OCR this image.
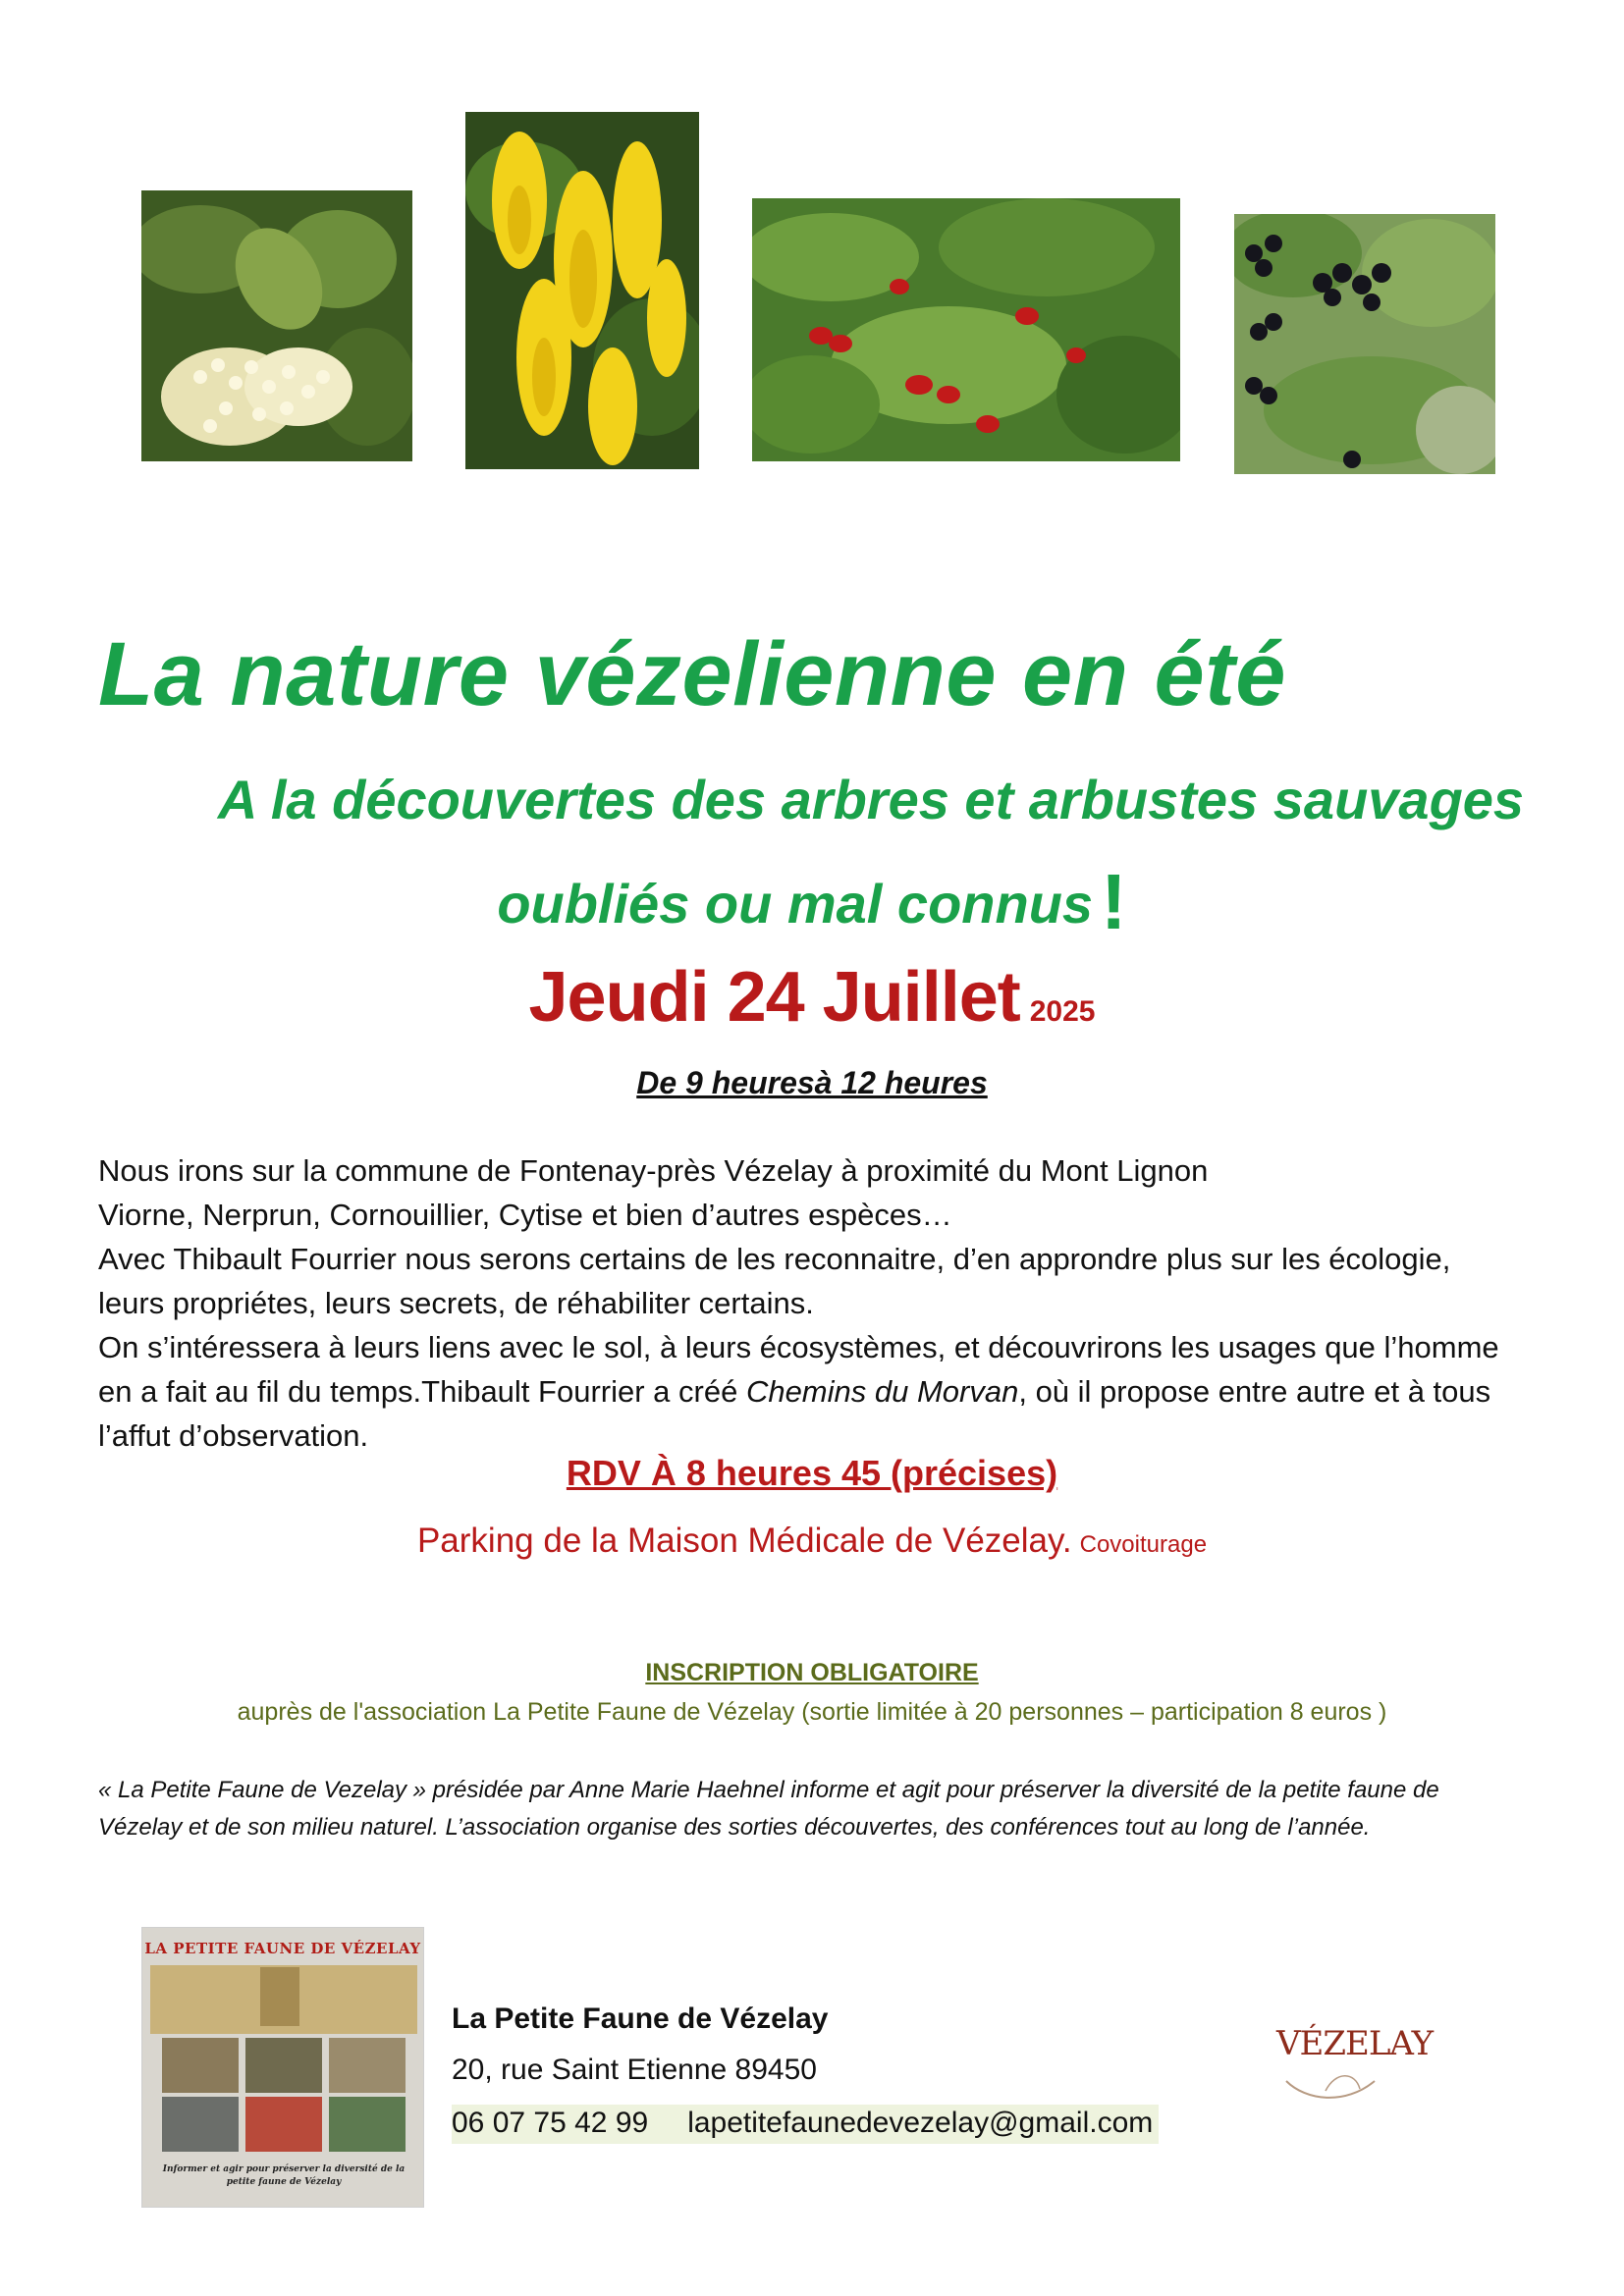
La nature vézelienne en été
A la découvertes des arbres et arbustes sauvages
oubliés ou mal connus !
Jeudi 24 Juillet 2025
De 9 heuresà 12 heures

Nous irons sur la commune de Fontenay-près Vézelay à proximité du Mont Lignon

Viorne, Nerprun, Cornouillier, Cytise et bien d’autres espèces…

Avec Thibault Fourrier nous serons certains de les reconnaitre, d’en approndre plus sur les écologie,

leurs propriétes, leurs secrets, de réhabiliter certains.

On s’intéressera à leurs liens avec le sol, à leurs écosystèmes, et découvrirons les usages que l’homme

en a fait au fil du temps.Thibault Fourrier a créé Chemins du Morvan, où il propose entre autre et à tous

l’affut d’observation.

RDV À 8 heures 45 (précises)
Parking de la Maison Médicale de Vézelay. Covoiturage
INSCRIPTION OBLIGATOIRE
auprès de l'association La Petite Faune de Vézelay (sortie limitée à 20 personnes – participation 8 euros )

« La Petite Faune de Vezelay » présidée par Anne Marie Haehnel informe et agit pour préserver la diversité de la petite faune de

Vézelay et de son milieu naturel. L’association organise des sorties découvertes, des conférences tout au long de l’année.

LA PETITE FAUNE DE VÉZELAY
Informer et agir pour préserver la diversité de la petite faune de Vézelay
La Petite Faune de Vézelay
20, rue Saint Etienne 89450
06 07 75 42 99 lapetitefaunedevezelay@gmail.com
VÉZELAY
